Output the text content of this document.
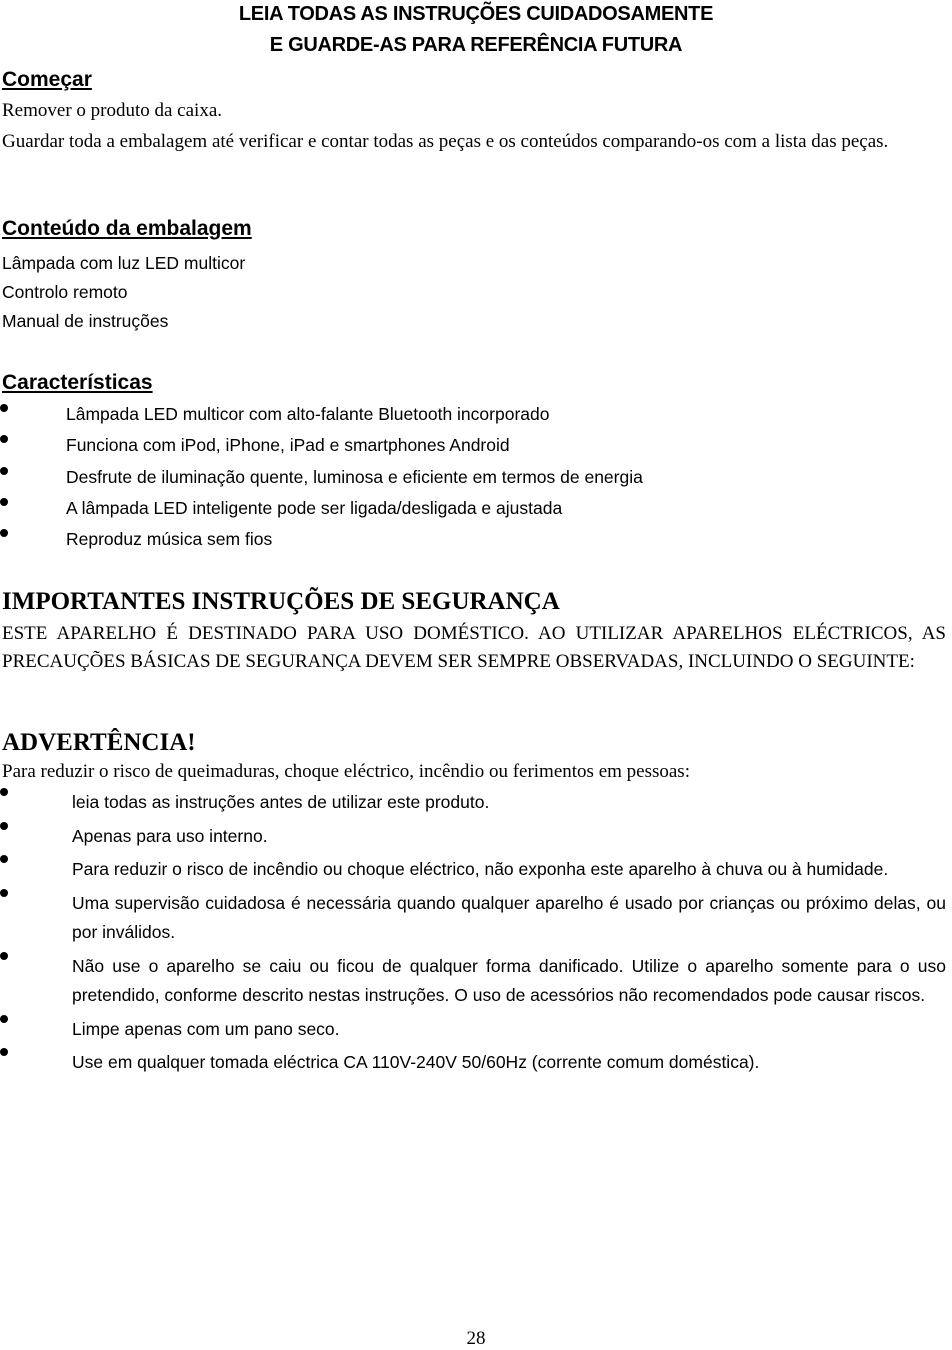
LEIA TODAS AS INSTRUÇÕES CUIDADOSAMENTE
E GUARDE-AS PARA REFERÊNCIA FUTURA
Começar
Remover o produto da caixa.
Guardar toda a embalagem até verificar e contar todas as peças e os conteúdos comparando-os com a lista das peças.
Conteúdo da embalagem
Lâmpada com luz LED multicor
Controlo remoto
Manual de instruções
Características
Lâmpada LED multicor com alto-falante Bluetooth incorporado
Funciona com iPod, iPhone, iPad e smartphones Android
Desfrute de iluminação quente, luminosa e eficiente em termos de energia
A lâmpada LED inteligente pode ser ligada/desligada e ajustada
Reproduz música sem fios
IMPORTANTES INSTRUÇÕES DE SEGURANÇA
ESTE APARELHO É DESTINADO PARA USO DOMÉSTICO. AO UTILIZAR APARELHOS ELÉCTRICOS, AS PRECAUÇÕES BÁSICAS DE SEGURANÇA DEVEM SER SEMPRE OBSERVADAS, INCLUINDO O SEGUINTE:
ADVERTÊNCIA!
Para reduzir o risco de queimaduras, choque eléctrico, incêndio ou ferimentos em pessoas:
leia todas as instruções antes de utilizar este produto.
Apenas para uso interno.
Para reduzir o risco de incêndio ou choque eléctrico, não exponha este aparelho à chuva ou à humidade.
Uma supervisão cuidadosa é necessária quando qualquer aparelho é usado por crianças ou próximo delas, ou por inválidos.
Não use o aparelho se caiu ou ficou de qualquer forma danificado. Utilize o aparelho somente para o uso pretendido, conforme descrito nestas instruções. O uso de acessórios não recomendados pode causar riscos.
Limpe apenas com um pano seco.
Use em qualquer tomada eléctrica CA 110V-240V 50/60Hz (corrente comum doméstica).
28
